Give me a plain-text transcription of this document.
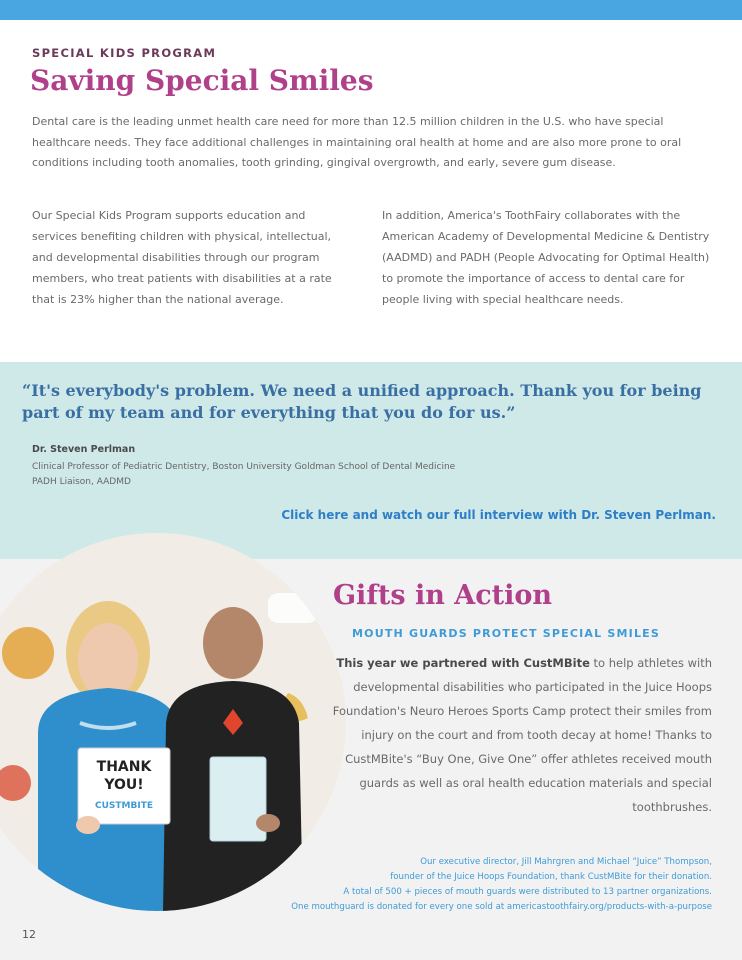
SPECIAL KIDS PROGRAM
Saving Special Smiles

Dental care is the leading unmet health care need for more than 12.5 million children in the U.S. who have special healthcare needs. They face additional challenges in maintaining oral health at home and are also more prone to oral conditions including tooth anomalies, tooth grinding, gingival overgrowth, and early, severe gum disease.

Our Special Kids Program supports education and services benefiting children with physical, intellectual, and developmental disabilities through our program members, who treat patients with disabilities at a rate that is 23% higher than the national average.

In addition, America's ToothFairy collaborates with the American Academy of Developmental Medicine & Dentistry (AADMD) and PADH (People Advocating for Optimal Health) to promote the importance of access to dental care for people living with special healthcare needs.

“It's everybody's problem. We need a unified approach. Thank you for being part of my team and for everything that you do for us.”

Dr. Steven Perlman
Clinical Professor of Pediatric Dentistry, Boston University Goldman School of Dental Medicine
PADH Liaison, AADMD
Click here and watch our full interview with Dr. Steven Perlman.
THANK
YOU!
CUSTMBITE
Gifts in Action
MOUTH GUARDS PROTECT SPECIAL SMILES

This year we partnered with CustMBite to help athletes with developmental disabilities who participated in the Juice Hoops Foundation's Neuro Heroes Sports Camp protect their smiles from injury on the court and from tooth decay at home! Thanks to CustMBite's “Buy One, Give One” offer athletes received mouth guards as well as oral health education materials and special toothbrushes.

Our executive director, Jill Mahrgren and Michael “Juice” Thompson,
founder of the Juice Hoops Foundation, thank CustMBite for their donation.
A total of 500 + pieces of mouth guards were distributed to 13 partner organizations.
One mouthguard is donated for every one sold at americastoothfairy.org/products-with-a-purpose
12
